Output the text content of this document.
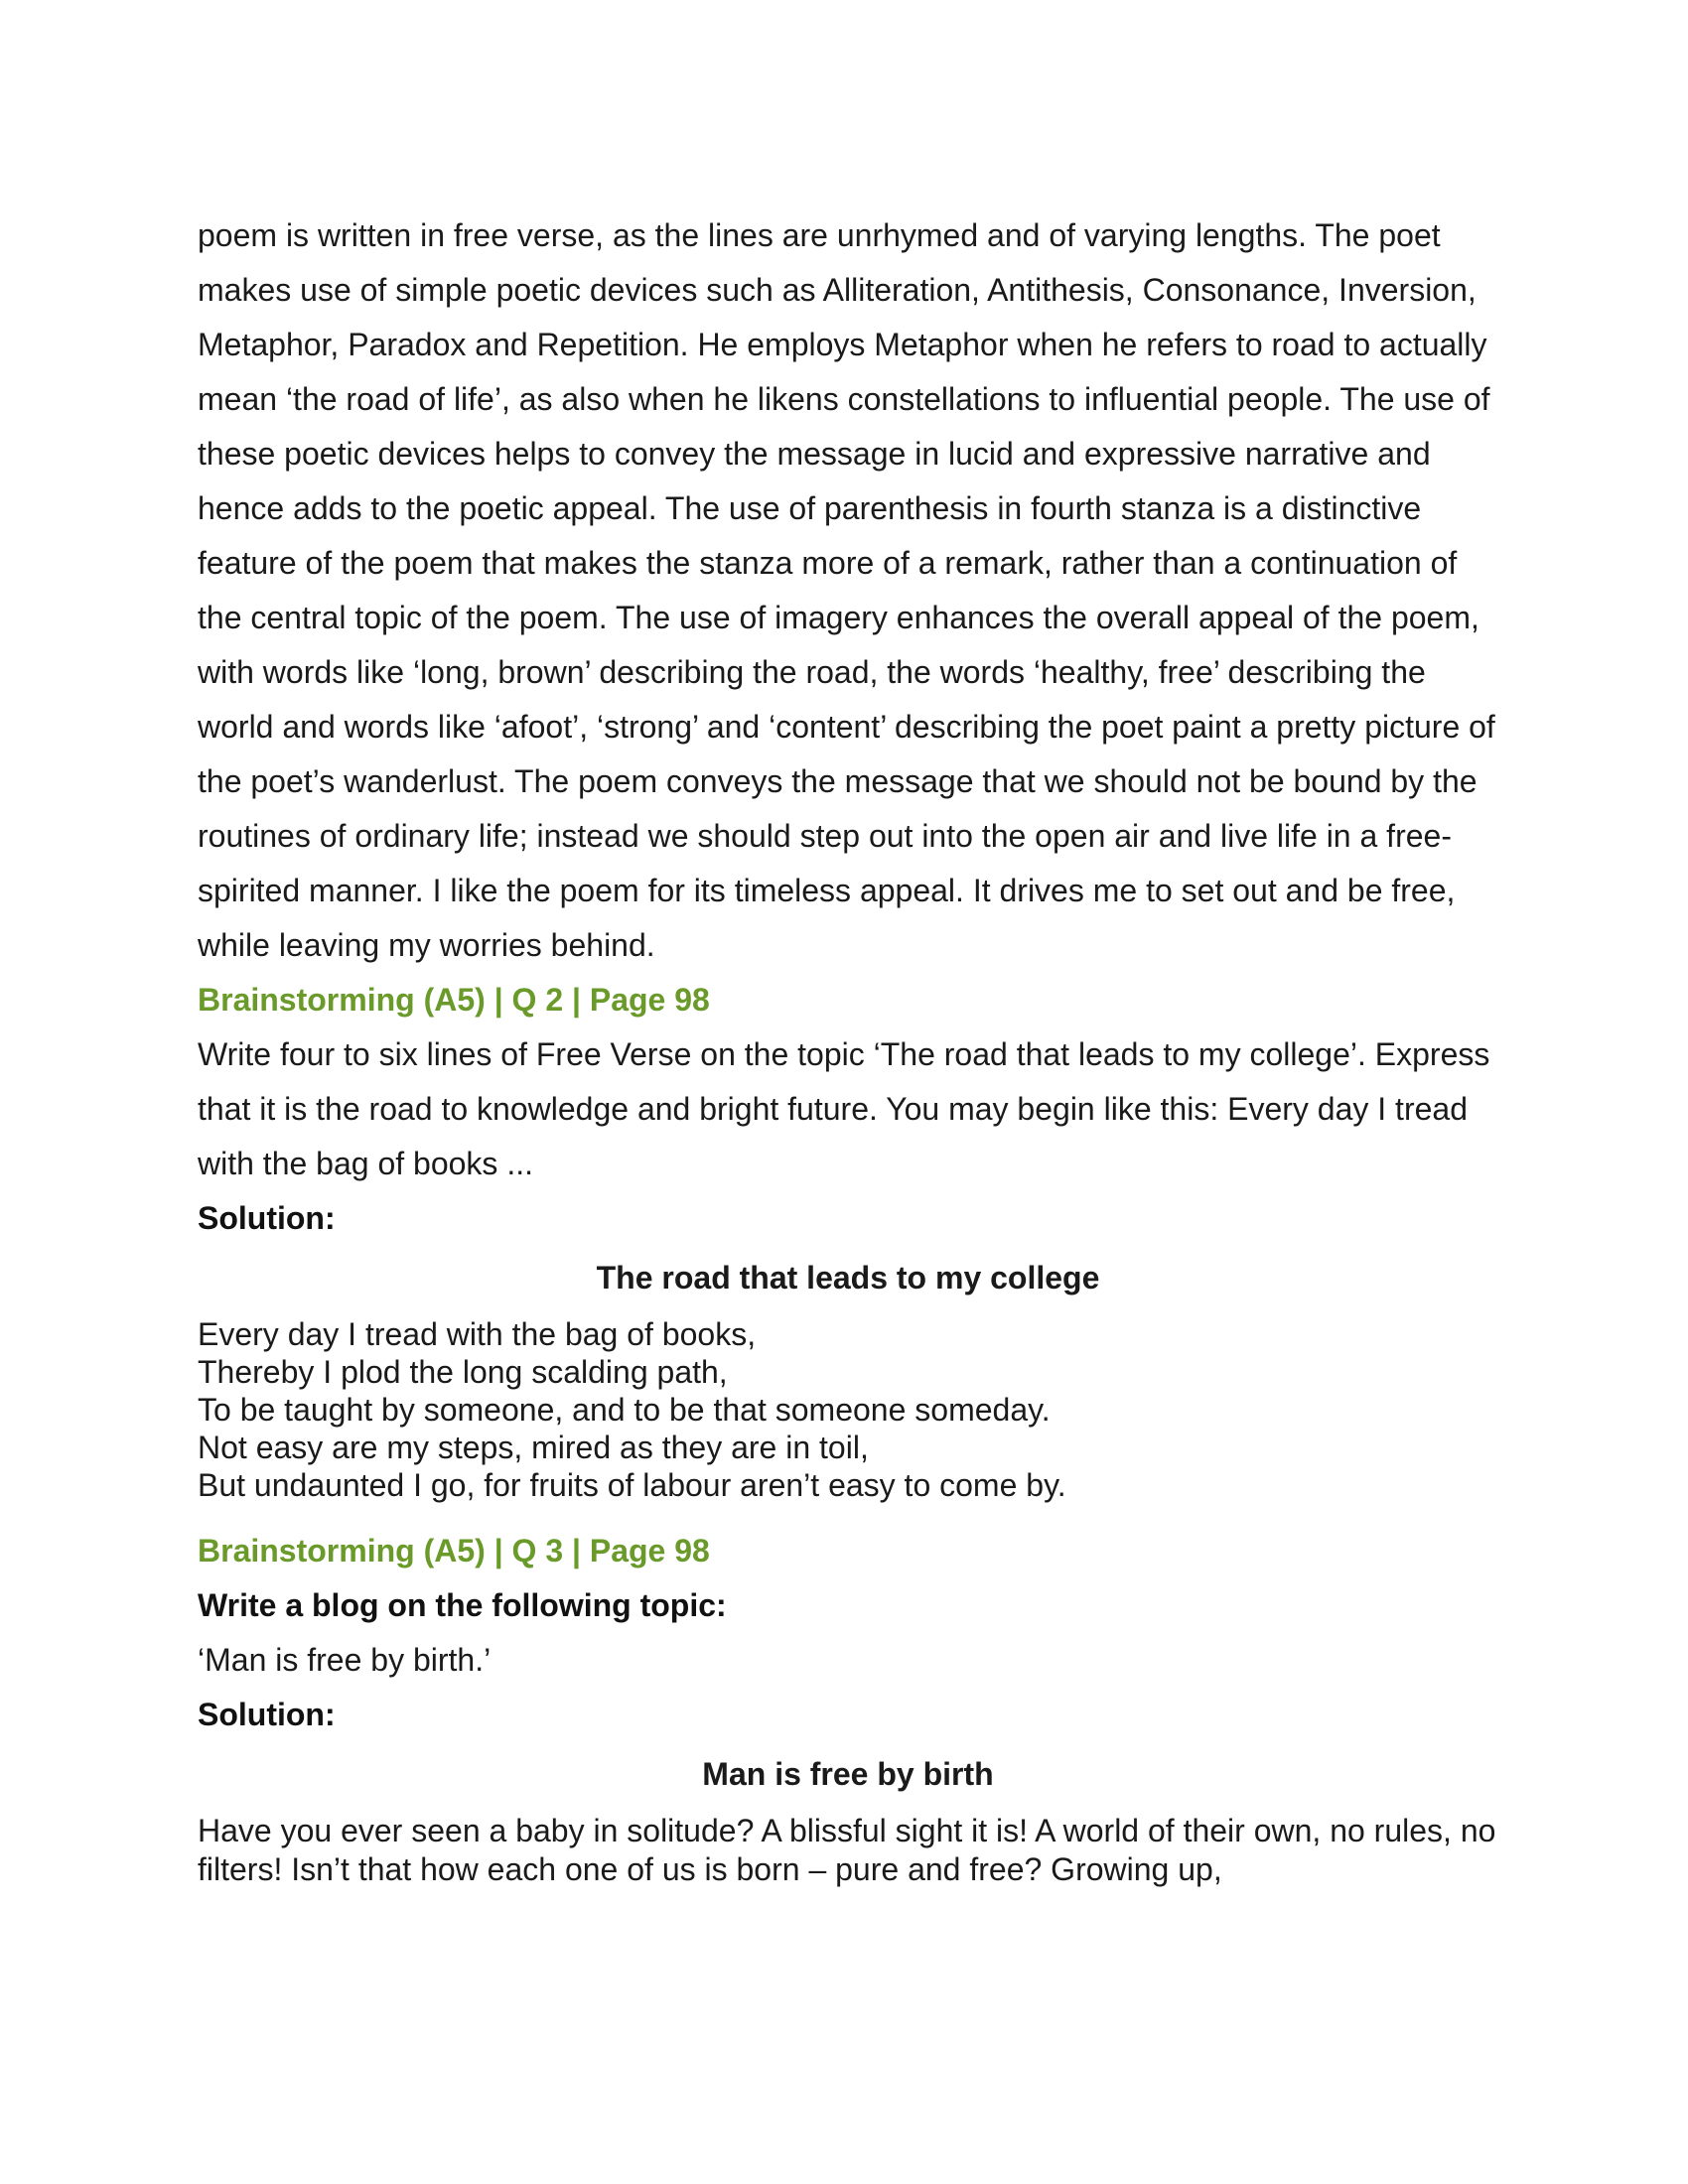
poem is written in free verse, as the lines are unrhymed and of varying lengths. The poet makes use of simple poetic devices such as Alliteration, Antithesis, Consonance, Inversion, Metaphor, Paradox and Repetition. He employs Metaphor when he refers to road to actually mean ‘the road of life’, as also when he likens constellations to influential people. The use of these poetic devices helps to convey the message in lucid and expressive narrative and hence adds to the poetic appeal. The use of parenthesis in fourth stanza is a distinctive feature of the poem that makes the stanza more of a remark, rather than a continuation of the central topic of the poem. The use of imagery enhances the overall appeal of the poem, with words like ‘long, brown’ describing the road, the words ‘healthy, free’ describing the world and words like ‘afoot’, ‘strong’ and ‘content’ describing the poet paint a pretty picture of the poet’s wanderlust. The poem conveys the message that we should not be bound by the routines of ordinary life; instead we should step out into the open air and live life in a free-spirited manner. I like the poem for its timeless appeal. It drives me to set out and be free, while leaving my worries behind.

Brainstorming (A5) | Q 2 | Page 98

Write four to six lines of Free Verse on the topic ‘The road that leads to my college’. Express that it is the road to knowledge and bright future. You may begin like this: Every day I tread with the bag of books ...

Solution:

The road that leads to my college

Every day I tread with the bag of books,
Thereby I plod the long scalding path,
To be taught by someone, and to be that someone someday.
Not easy are my steps, mired as they are in toil,
But undaunted I go, for fruits of labour aren’t easy to come by.

Brainstorming (A5) | Q 3 | Page 98

Write a blog on the following topic:

‘Man is free by birth.’

Solution:

Man is free by birth

Have you ever seen a baby in solitude? A blissful sight it is! A world of their own, no rules, no filters! Isn’t that how each one of us is born – pure and free? Growing up,
